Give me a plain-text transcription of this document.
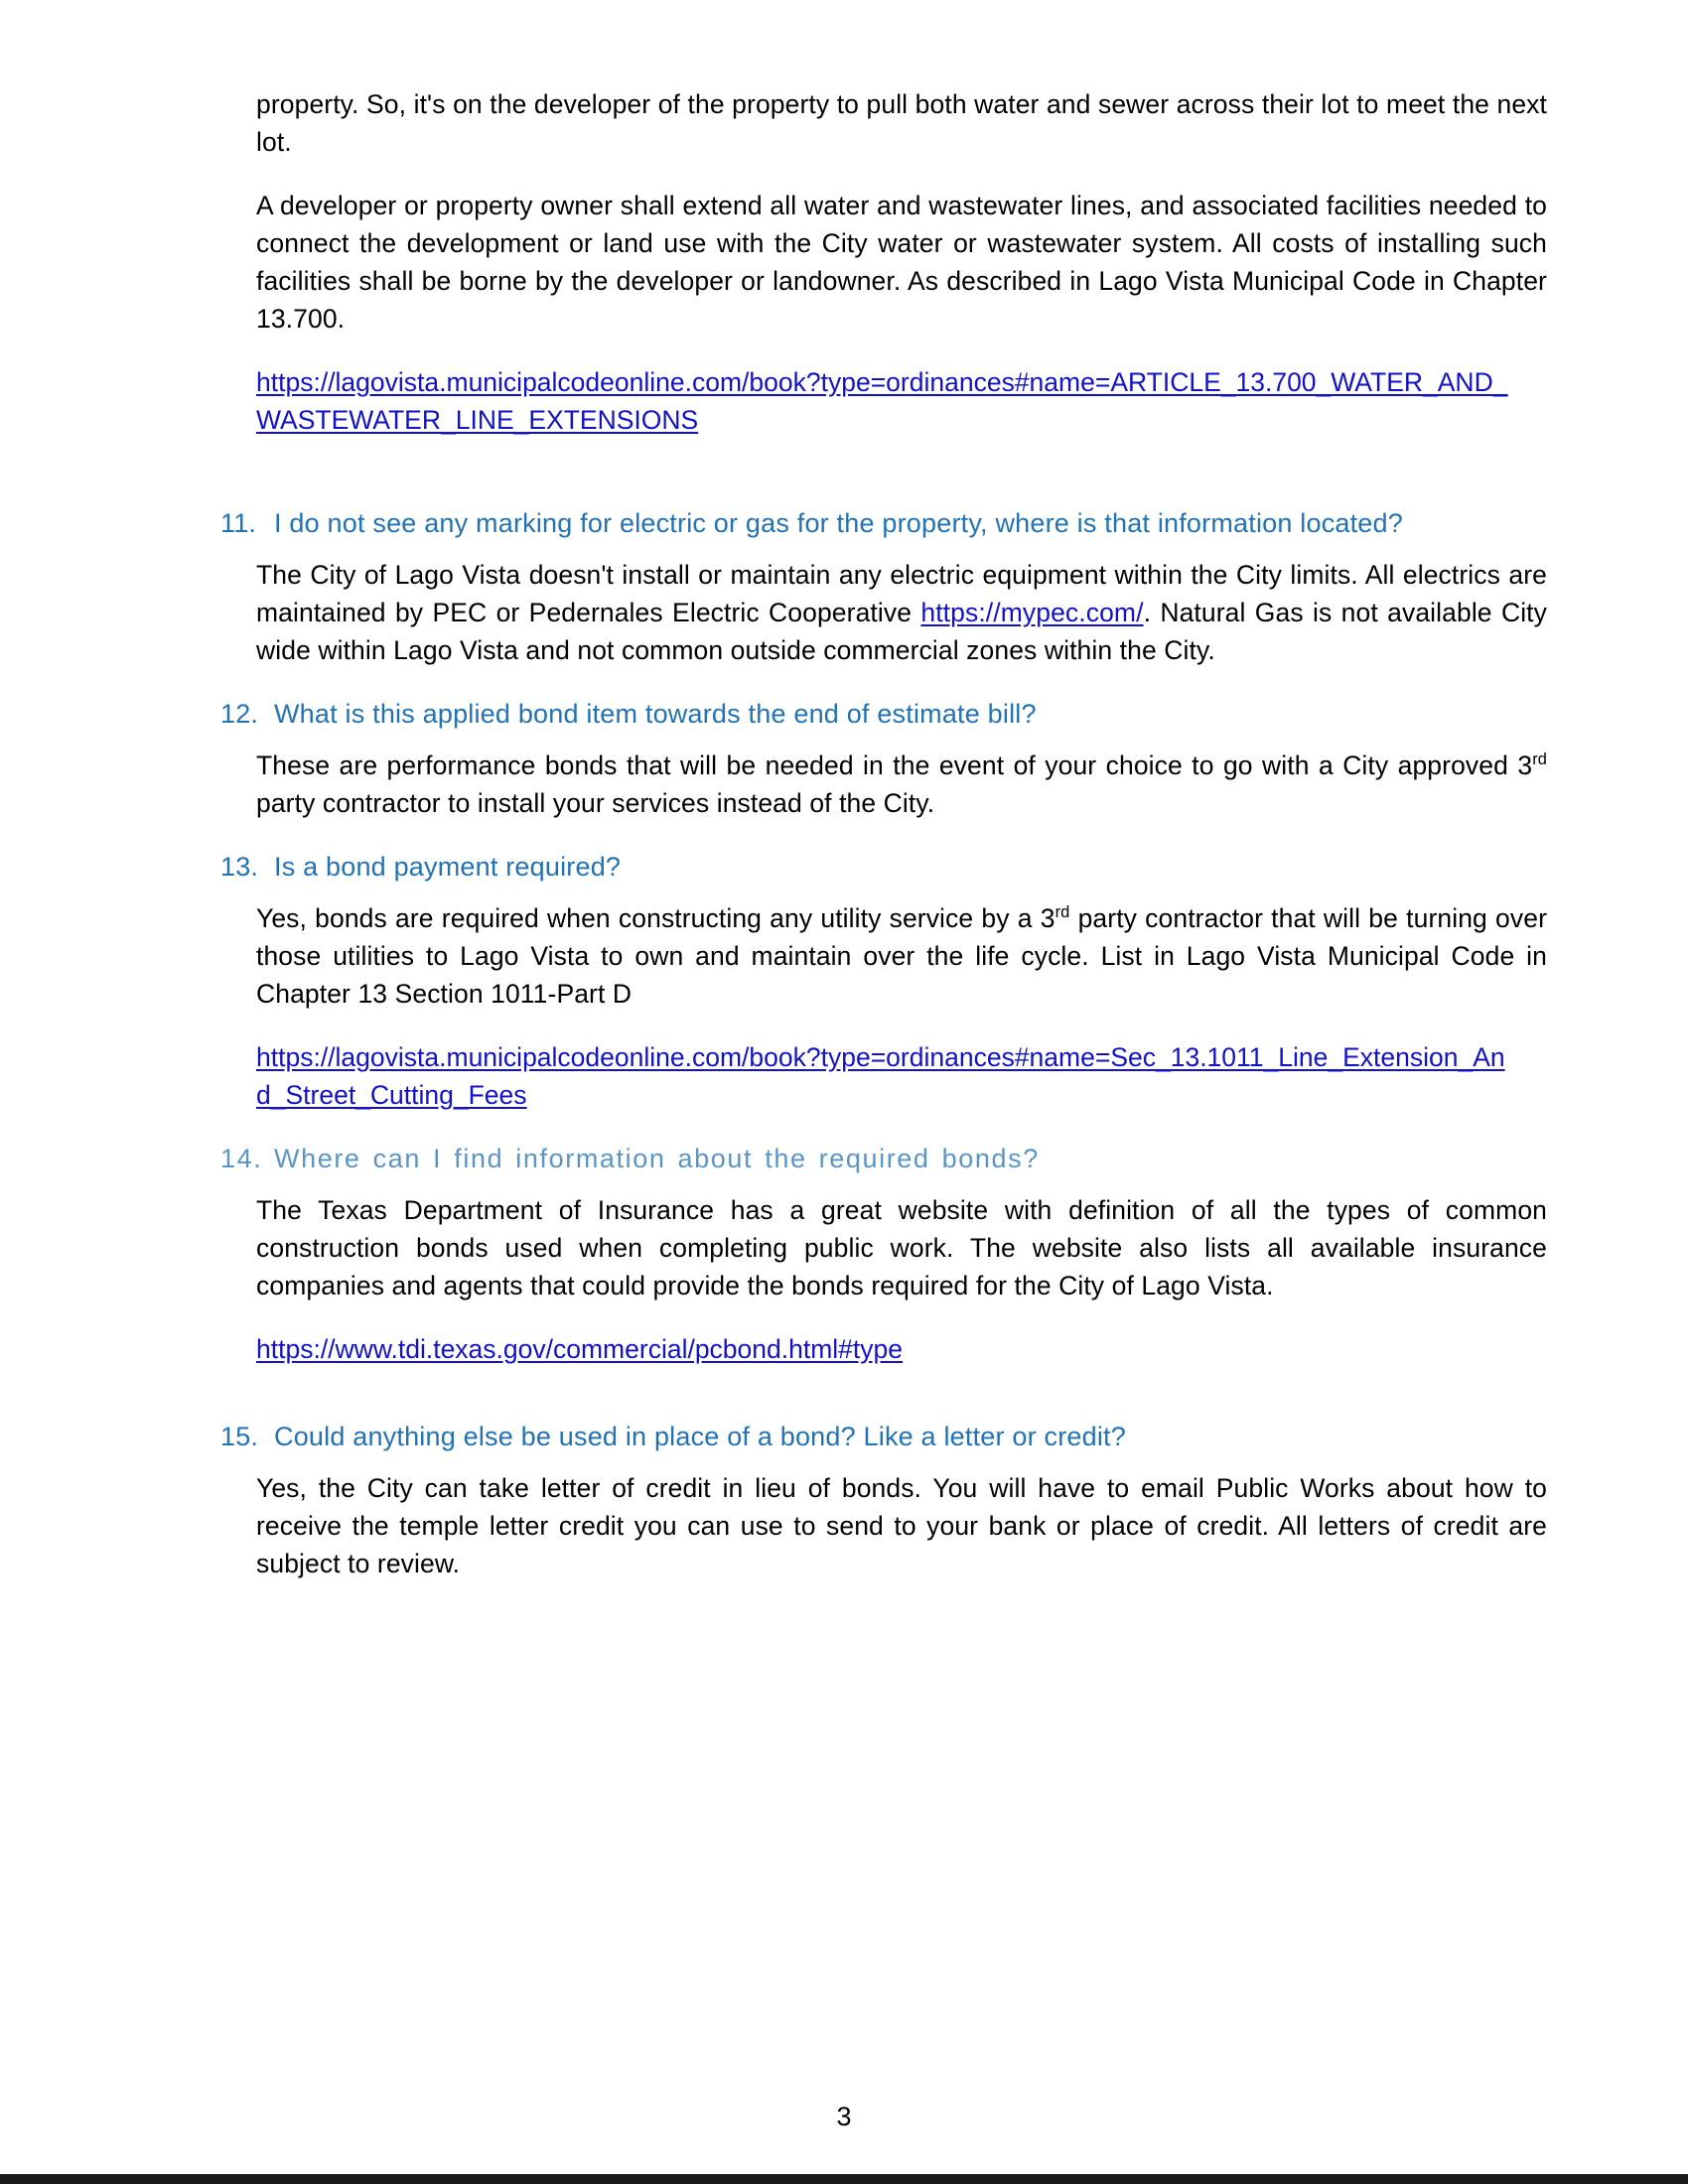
property. So, it's on the developer of the property to pull both water and sewer across their lot to meet the next lot.

A developer or property owner shall extend all water and wastewater lines, and associated facilities needed to connect the development or land use with the City water or wastewater system. All costs of installing such facilities shall be borne by the developer or landowner. As described in Lago Vista Municipal Code in Chapter 13.700.

https://lagovista.municipalcodeonline.com/book?type=ordinances#name=ARTICLE_13.700_WATER_AND_
WASTEWATER_LINE_EXTENSIONS

11. I do not see any marking for electric or gas for the property, where is that information located?

The City of Lago Vista doesn't install or maintain any electric equipment within the City limits. All electrics are maintained by PEC or Pedernales Electric Cooperative https://mypec.com/. Natural Gas is not available City wide within Lago Vista and not common outside commercial zones within the City.

12. What is this applied bond item towards the end of estimate bill?

These are performance bonds that will be needed in the event of your choice to go with a City approved 3rd party contractor to install your services instead of the City.

13. Is a bond payment required?

Yes, bonds are required when constructing any utility service by a 3rd party contractor that will be turning over those utilities to Lago Vista to own and maintain over the life cycle. List in Lago Vista Municipal Code in Chapter 13 Section 1011-Part D

https://lagovista.municipalcodeonline.com/book?type=ordinances#name=Sec_13.1011_Line_Extension_An
d_Street_Cutting_Fees

14. Where can I find information about the required bonds?

The Texas Department of Insurance has a great website with definition of all the types of common construction bonds used when completing public work. The website also lists all available insurance companies and agents that could provide the bonds required for the City of Lago Vista.

https://www.tdi.texas.gov/commercial/pcbond.html#type

15. Could anything else be used in place of a bond? Like a letter or credit?

Yes, the City can take letter of credit in lieu of bonds. You will have to email Public Works about how to receive the temple letter credit you can use to send to your bank or place of credit. All letters of credit are subject to review.

3
